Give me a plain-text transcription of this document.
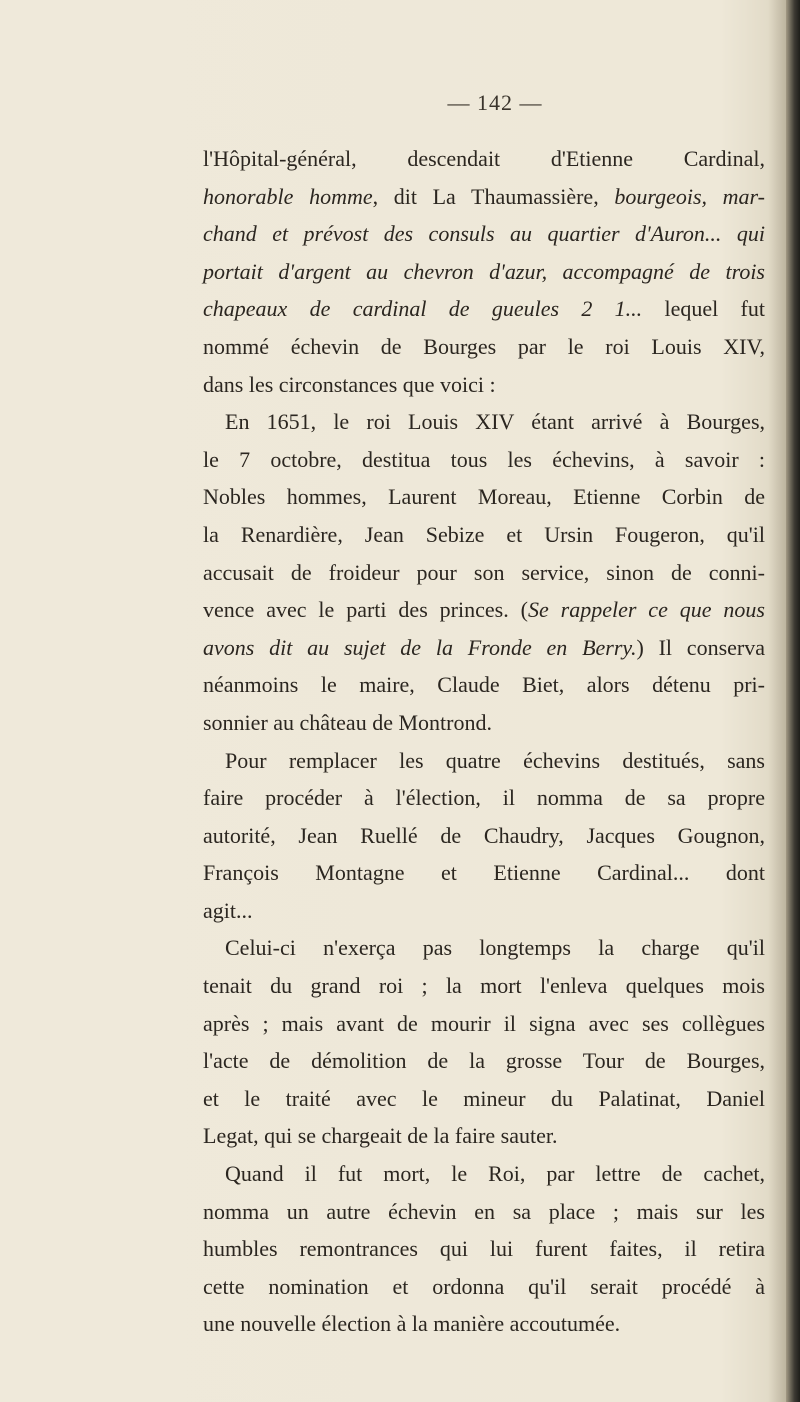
— 142 —
l'Hôpital-général, descendait d'Etienne Cardinal,
honorable homme, dit La Thaumassière, bourgeois, mar-
chand et prévost des consuls au quartier d'Auron... qui
portait d'argent au chevron d'azur, accompagné de trois
chapeaux de cardinal de gueules 2 1... lequel fut
nommé échevin de Bourges par le roi Louis XIV,
dans les circonstances que voici :
En 1651, le roi Louis XIV étant arrivé à Bourges,
le 7 octobre, destitua tous les échevins, à savoir :
Nobles hommes, Laurent Moreau, Etienne Corbin de
la Renardière, Jean Sebize et Ursin Fougeron, qu'il
accusait de froideur pour son service, sinon de conni-
vence avec le parti des princes. (Se rappeler ce que nous
avons dit au sujet de la Fronde en Berry.) Il conserva
néanmoins le maire, Claude Biet, alors détenu pri-
sonnier au château de Montrond.
Pour remplacer les quatre échevins destitués, sans
faire procéder à l'élection, il nomma de sa propre
autorité, Jean Ruellé de Chaudry, Jacques Gougnon,
François Montagne et Etienne Cardinal... dont
agit...
Celui-ci n'exerça pas longtemps la charge qu'il
tenait du grand roi ; la mort l'enleva quelques mois
après ; mais avant de mourir il signa avec ses collègues
l'acte de démolition de la grosse Tour de Bourges,
et le traité avec le mineur du Palatinat, Daniel
Legat, qui se chargeait de la faire sauter.
Quand il fut mort, le Roi, par lettre de cachet,
nomma un autre échevin en sa place ; mais sur les
humbles remontrances qui lui furent faites, il retira
cette nomination et ordonna qu'il serait procédé à
une nouvelle élection à la manière accoutumée.
